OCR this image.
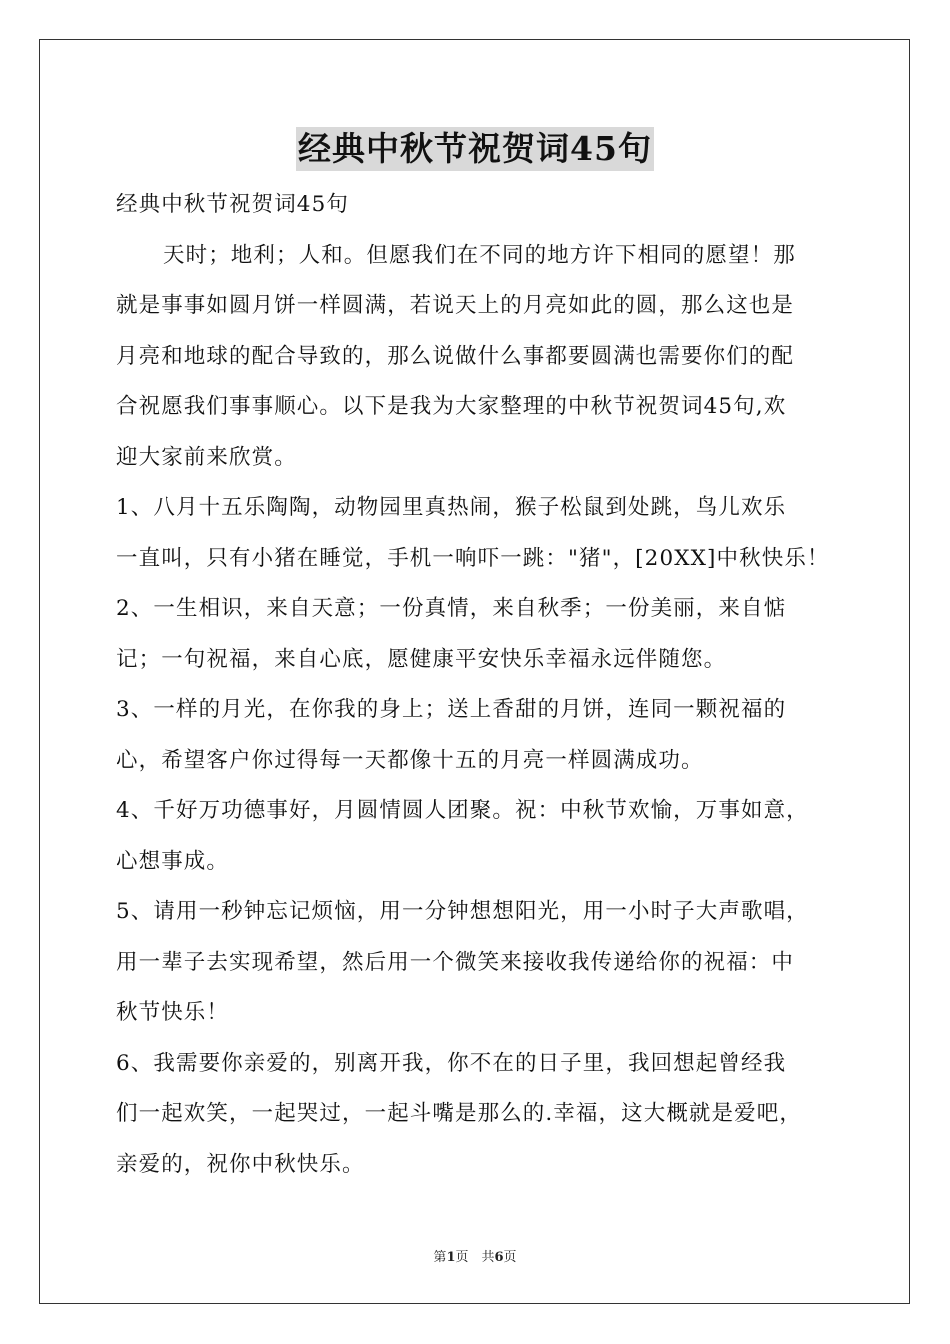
经典中秋节祝贺词45句
经典中秋节祝贺词45句
天时；地利；人和。但愿我们在不同的地方许下相同的愿望！那
就是事事如圆月饼一样圆满，若说天上的月亮如此的圆，那么这也是
月亮和地球的配合导致的，那么说做什么事都要圆满也需要你们的配
合祝愿我们事事顺心。以下是我为大家整理的中秋节祝贺词45句,欢
迎大家前来欣赏。
1、八月十五乐陶陶，动物园里真热闹，猴子松鼠到处跳，鸟儿欢乐
一直叫，只有小猪在睡觉，手机一响吓一跳："猪"，[20XX]中秋快乐！
2、一生相识，来自天意；一份真情，来自秋季；一份美丽，来自惦
记；一句祝福，来自心底，愿健康平安快乐幸福永远伴随您。
3、一样的月光，在你我的身上；送上香甜的月饼，连同一颗祝福的
心，希望客户你过得每一天都像十五的月亮一样圆满成功。
4、千好万功德事好，月圆情圆人团聚。祝：中秋节欢愉，万事如意，
心想事成。
5、请用一秒钟忘记烦恼，用一分钟想想阳光，用一小时子大声歌唱，
用一辈子去实现希望，然后用一个微笑来接收我传递给你的祝福：中
秋节快乐！
6、我需要你亲爱的，别离开我，你不在的日子里，我回想起曾经我
们一起欢笑，一起哭过，一起斗嘴是那么的.幸福，这大概就是爱吧，
亲爱的，祝你中秋快乐。
第1页　共6页
